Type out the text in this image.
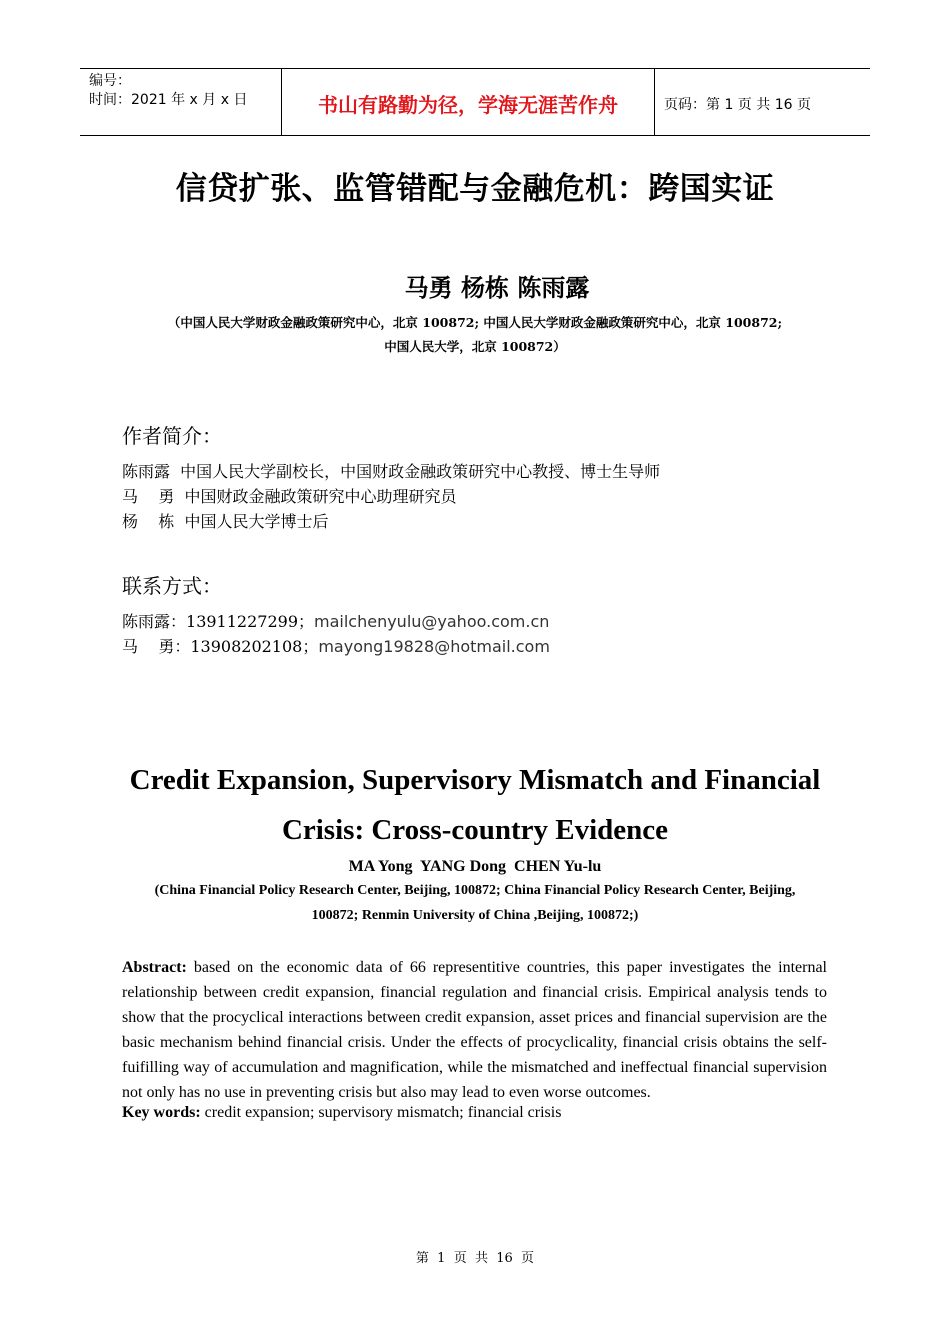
编号：
时间：2021 年 x 月 x 日	书山有路勤为径，学海无涯苦作舟	页码：第 1 页 共 16 页
信贷扩张、监管错配与金融危机：跨国实证
马勇 杨栋 陈雨露
（中国人民大学财政金融政策研究中心，北京 100872; 中国人民大学财政金融政策研究中心，北京 100872;
中国人民大学，北京 100872）
作者简介：
陈雨露  中国人民大学副校长，中国财政金融政策研究中心教授、博士生导师
马    勇  中国财政金融政策研究中心助理研究员
杨    栋  中国人民大学博士后
联系方式：
陈雨露：13911227299；mailchenyulu@yahoo.com.cn
马    勇：13908202108；mayong19828@hotmail.com
Credit Expansion, Supervisory Mismatch and Financial
Crisis: Cross-country Evidence
MA Yong  YANG Dong  CHEN Yu-lu
(China Financial Policy Research Center, Beijing, 100872; China Financial Policy Research Center, Beijing,
100872; Renmin University of China ,Beijing, 100872;)
Abstract: based on the economic data of 66 representitive countries, this paper investigates the internal relationship between credit expansion, financial regulation and financial crisis. Empirical analysis tends to show that the procyclical interactions between credit expansion, asset prices and financial supervision are the basic mechanism behind financial crisis. Under the effects of procyclicality, financial crisis obtains the self-fuifilling way of accumulation and magnification, while the mismatched and ineffectual financial supervision not only has no use in preventing crisis but also may lead to even worse outcomes.
Key words: credit expansion; supervisory mismatch; financial crisis
第  1  页  共  16  页
